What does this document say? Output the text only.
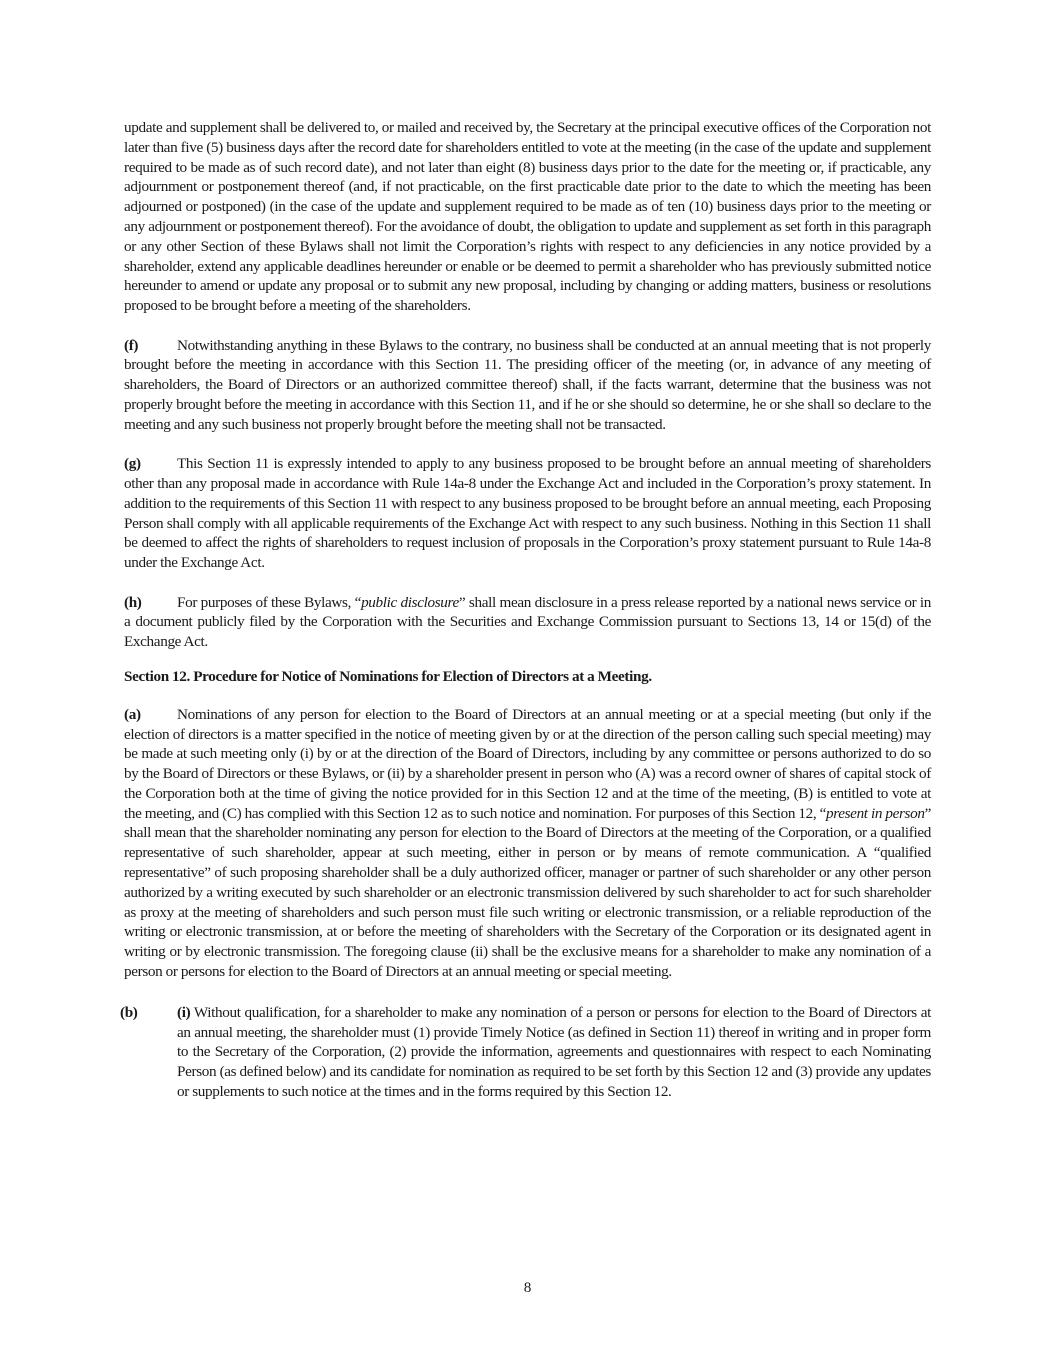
update and supplement shall be delivered to, or mailed and received by, the Secretary at the principal executive offices of the Corporation not later than five (5) business days after the record date for shareholders entitled to vote at the meeting (in the case of the update and supplement required to be made as of such record date), and not later than eight (8) business days prior to the date for the meeting or, if practicable, any adjournment or postponement thereof (and, if not practicable, on the first practicable date prior to the date to which the meeting has been adjourned or postponed) (in the case of the update and supplement required to be made as of ten (10) business days prior to the meeting or any adjournment or postponement thereof). For the avoidance of doubt, the obligation to update and supplement as set forth in this paragraph or any other Section of these Bylaws shall not limit the Corporation’s rights with respect to any deficiencies in any notice provided by a shareholder, extend any applicable deadlines hereunder or enable or be deemed to permit a shareholder who has previously submitted notice hereunder to amend or update any proposal or to submit any new proposal, including by changing or adding matters, business or resolutions proposed to be brought before a meeting of the shareholders.

(f)	Notwithstanding anything in these Bylaws to the contrary, no business shall be conducted at an annual meeting that is not properly brought before the meeting in accordance with this Section 11. The presiding officer of the meeting (or, in advance of any meeting of shareholders, the Board of Directors or an authorized committee thereof) shall, if the facts warrant, determine that the business was not properly brought before the meeting in accordance with this Section 11, and if he or she should so determine, he or she shall so declare to the meeting and any such business not properly brought before the meeting shall not be transacted.

(g) This Section 11 is expressly intended to apply to any business proposed to be brought before an annual meeting of shareholders other than any proposal made in accordance with Rule 14a-8 under the Exchange Act and included in the Corporation’s proxy statement. In addition to the requirements of this Section 11 with respect to any business proposed to be brought before an annual meeting, each Proposing Person shall comply with all applicable requirements of the Exchange Act with respect to any such business. Nothing in this Section 11 shall be deemed to affect the rights of shareholders to request inclusion of proposals in the Corporation’s proxy statement pursuant to Rule 14a-8 under the Exchange Act.

(h) For purposes of these Bylaws, “public disclosure” shall mean disclosure in a press release reported by a national news service or in a document publicly filed by the Corporation with the Securities and Exchange Commission pursuant to Sections 13, 14 or 15(d) of the Exchange Act.

Section 12. Procedure for Notice of Nominations for Election of Directors at a Meeting.

(a) Nominations of any person for election to the Board of Directors at an annual meeting or at a special meeting (but only if the election of directors is a matter specified in the notice of meeting given by or at the direction of the person calling such special meeting) may be made at such meeting only (i) by or at the direction of the Board of Directors, including by any committee or persons authorized to do so by the Board of Directors or these Bylaws, or (ii) by a shareholder present in person who (A) was a record owner of shares of capital stock of the Corporation both at the time of giving the notice provided for in this Section 12 and at the time of the meeting, (B) is entitled to vote at the meeting, and (C) has complied with this Section 12 as to such notice and nomination. For purposes of this Section 12, “present in person” shall mean that the shareholder nominating any person for election to the Board of Directors at the meeting of the Corporation, or a qualified representative of such shareholder, appear at such meeting, either in person or by means of remote communication. A “qualified representative” of such proposing shareholder shall be a duly authorized officer, manager or partner of such shareholder or any other person authorized by a writing executed by such shareholder or an electronic transmission delivered by such shareholder to act for such shareholder as proxy at the meeting of shareholders and such person must file such writing or electronic transmission, or a reliable reproduction of the writing or electronic transmission, at or before the meeting of shareholders with the Secretary of the Corporation or its designated agent in writing or by electronic transmission. The foregoing clause (ii) shall be the exclusive means for a shareholder to make any nomination of a person or persons for election to the Board of Directors at an annual meeting or special meeting.

(b)	(i) Without qualification, for a shareholder to make any nomination of a person or persons for election to the Board of Directors at an annual meeting, the shareholder must (1) provide Timely Notice (as defined in Section 11) thereof in writing and in proper form to the Secretary of the Corporation, (2) provide the information, agreements and questionnaires with respect to each Nominating Person (as defined below) and its candidate for nomination as required to be set forth by this Section 12 and (3) provide any updates or supplements to such notice at the times and in the forms required by this Section 12.
8
